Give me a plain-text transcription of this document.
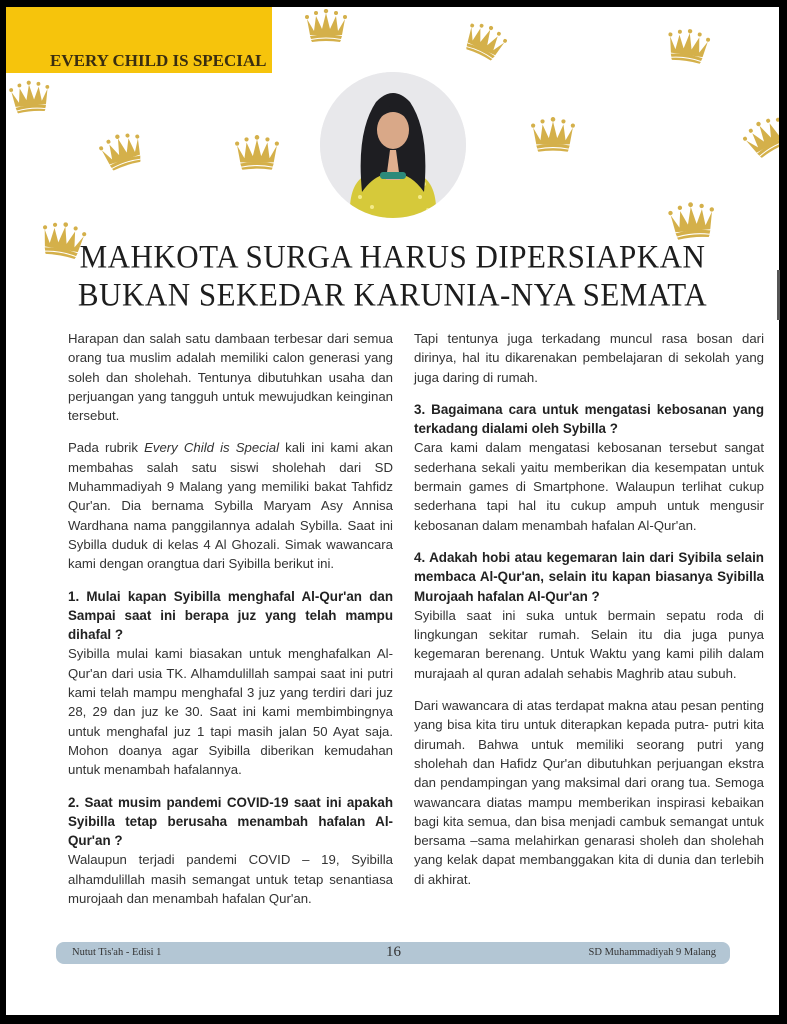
EVERY CHILD IS SPECIAL
MAHKOTA SURGA HARUS DIPERSIAPKAN
BUKAN SEKEDAR KARUNIA-NYA SEMATA

Harapan dan salah satu dambaan terbesar dari semua orang tua muslim adalah memiliki calon generasi yang soleh dan sholehah. Tentunya dibutuhkan usaha dan perjuangan yang tangguh untuk mewujudkan keinginan tersebut.

Pada rubrik Every Child is Special kali ini kami akan membahas salah satu siswi sholehah dari SD Muhammadiyah 9 Malang yang memiliki bakat Tahfidz Qur'an. Dia bernama Sybilla Maryam Asy Annisa Wardhana nama panggilannya adalah Sybilla. Saat ini Sybilla duduk di kelas 4 Al Ghozali. Simak wawancara kami dengan orangtua dari Syibilla berikut ini.

1. Mulai kapan Syibilla menghafal Al-Qur'an dan Sampai saat ini berapa juz yang telah mampu dihafal ?

Syibilla mulai kami biasakan untuk menghafalkan Al-Qur'an dari usia TK. Alhamdulillah sampai saat ini putri kami telah mampu menghafal 3 juz yang terdiri dari juz 28, 29 dan juz ke 30. Saat ini kami membimbingnya untuk menghafal juz 1 tapi masih jalan 50 Ayat saja. Mohon doanya agar Syibilla diberikan kemudahan untuk menambah hafalannya.

2. Saat musim pandemi COVID-19 saat ini apakah Syibilla tetap berusaha menambah hafalan Al-Qur'an ?

Walaupun terjadi pandemi COVID – 19, Syibilla alhamdulillah masih semangat untuk tetap senantiasa murojaah dan menambah hafalan Qur'an.

Tapi tentunya juga terkadang muncul rasa bosan dari dirinya, hal itu dikarenakan pembelajaran di sekolah yang juga daring di rumah.

3. Bagaimana cara untuk mengatasi kebosanan yang terkadang dialami oleh Sybilla ?

Cara kami dalam mengatasi kebosanan tersebut sangat sederhana sekali yaitu memberikan dia kesempatan untuk bermain games di Smartphone. Walaupun terlihat cukup sederhana tapi hal itu cukup ampuh untuk mengusir kebosanan dalam menambah hafalan Al-Qur'an.

4. Adakah hobi atau kegemaran lain dari Syibila selain membaca Al-Qur'an, selain itu kapan biasanya Syibilla Murojaah hafalan Al-Qur'an ?

Syibilla saat ini suka untuk bermain sepatu roda di lingkungan sekitar rumah. Selain itu dia juga punya kegemaran berenang. Untuk Waktu yang kami pilih dalam murajaah al quran adalah sehabis Maghrib atau subuh.

Dari wawancara di atas terdapat makna atau pesan penting yang bisa kita tiru untuk diterapkan kepada putra- putri kita dirumah. Bahwa untuk memiliki seorang putri yang sholehah dan Hafidz Qur'an dibutuhkan perjuangan ekstra dan pendampingan yang maksimal dari orang tua. Semoga wawancara diatas mampu memberikan inspirasi kebaikan bagi kita semua, dan bisa menjadi cambuk semangat untuk bersama –sama melahirkan genarasi sholeh dan sholehah yang kelak dapat membanggakan kita di dunia dan terlebih di akhirat.

Nutut Tis'ah - Edisi 1	16	SD Muhammadiyah 9 Malang
